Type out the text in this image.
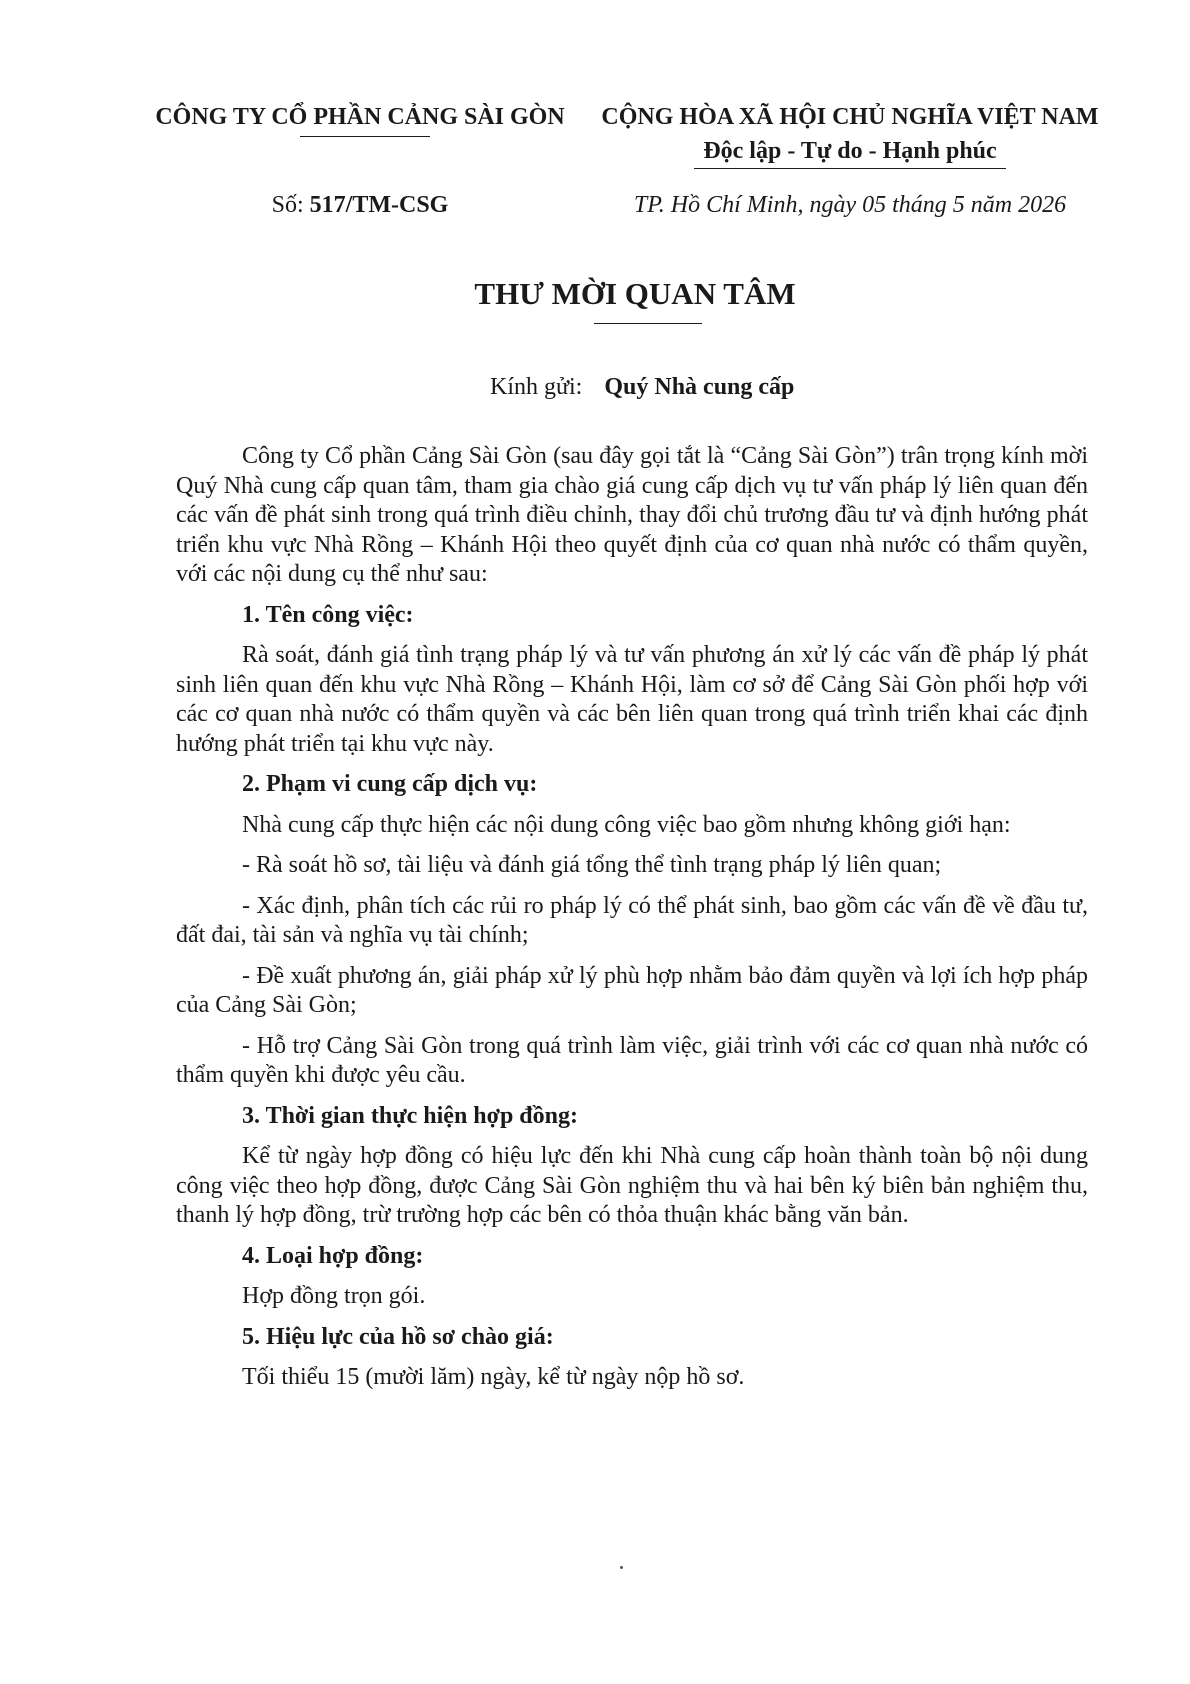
CÔNG TY CỔ PHẦN CẢNG SÀI GÒN CỘNG HÒA XÃ HỘI CHỦ NGHĨA VIỆT NAM
Độc lập - Tự do - Hạnh phúc
Số: 517/TM-CSG	TP. Hồ Chí Minh, ngày 05 tháng 5 năm 2026
THƯ MỜI QUAN TÂM
Kính gửi: Quý Nhà cung cấp

Công ty Cổ phần Cảng Sài Gòn (sau đây gọi tắt là “Cảng Sài Gòn”) trân trọng kính mời Quý Nhà cung cấp quan tâm, tham gia chào giá cung cấp dịch vụ tư vấn pháp lý liên quan đến các vấn đề phát sinh trong quá trình điều chỉnh, thay đổi chủ trương đầu tư và định hướng phát triển khu vực Nhà Rồng – Khánh Hội theo quyết định của cơ quan nhà nước có thẩm quyền, với các nội dung cụ thể như sau:

1. Tên công việc:

Rà soát, đánh giá tình trạng pháp lý và tư vấn phương án xử lý các vấn đề pháp lý phát sinh liên quan đến khu vực Nhà Rồng – Khánh Hội, làm cơ sở để Cảng Sài Gòn phối hợp với các cơ quan nhà nước có thẩm quyền và các bên liên quan trong quá trình triển khai các định hướng phát triển tại khu vực này.

2. Phạm vi cung cấp dịch vụ:

Nhà cung cấp thực hiện các nội dung công việc bao gồm nhưng không giới hạn:

- Rà soát hồ sơ, tài liệu và đánh giá tổng thể tình trạng pháp lý liên quan;

- Xác định, phân tích các rủi ro pháp lý có thể phát sinh, bao gồm các vấn đề về đầu tư, đất đai, tài sản và nghĩa vụ tài chính;

- Đề xuất phương án, giải pháp xử lý phù hợp nhằm bảo đảm quyền và lợi ích hợp pháp của Cảng Sài Gòn;

- Hỗ trợ Cảng Sài Gòn trong quá trình làm việc, giải trình với các cơ quan nhà nước có thẩm quyền khi được yêu cầu.

3. Thời gian thực hiện hợp đồng:

Kể từ ngày hợp đồng có hiệu lực đến khi Nhà cung cấp hoàn thành toàn bộ nội dung công việc theo hợp đồng, được Cảng Sài Gòn nghiệm thu và hai bên ký biên bản nghiệm thu, thanh lý hợp đồng, trừ trường hợp các bên có thỏa thuận khác bằng văn bản.

4. Loại hợp đồng:

Hợp đồng trọn gói.

5. Hiệu lực của hồ sơ chào giá:

Tối thiểu 15 (mười lăm) ngày, kể từ ngày nộp hồ sơ.
